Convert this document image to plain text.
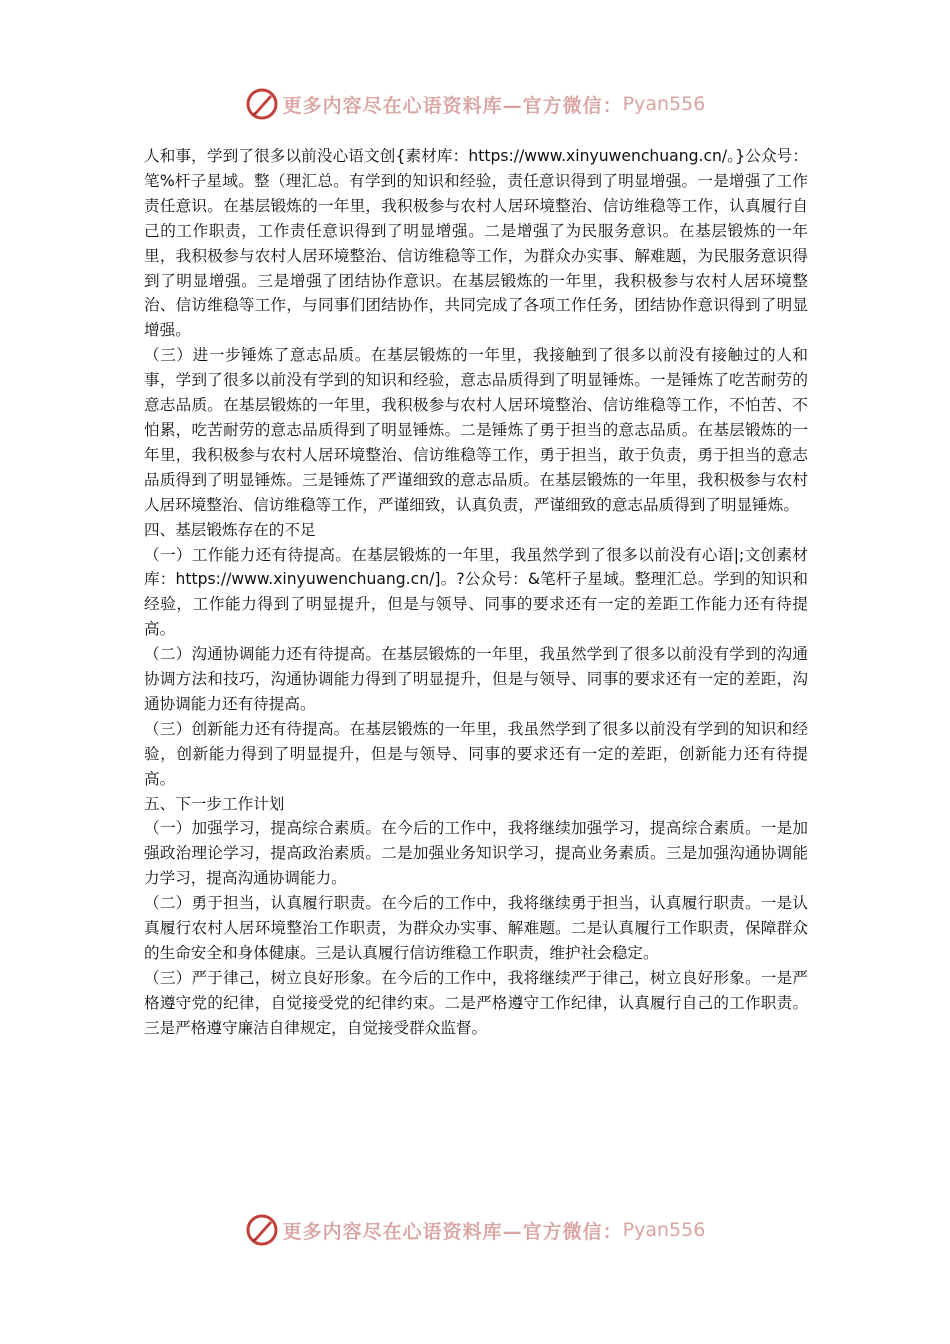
更多内容尽在心语资料库—官方微信： Pyan556

人和事，学到了很多以前没心语文创{素材库：https://www.xinyuwenchuang.cn/。}公众号：笔%杆子星域。整（理汇总。有学到的知识和经验，责任意识得到了明显增强。一是增强了工作责任意识。在基层锻炼的一年里，我积极参与农村人居环境整治、信访维稳等工作，认真履行自己的工作职责，工作责任意识得到了明显增强。二是增强了为民服务意识。在基层锻炼的一年里，我积极参与农村人居环境整治、信访维稳等工作，为群众办实事、解难题，为民服务意识得到了明显增强。三是增强了团结协作意识。在基层锻炼的一年里，我积极参与农村人居环境整治、信访维稳等工作，与同事们团结协作，共同完成了各项工作任务，团结协作意识得到了明显增强。

（三）进一步锤炼了意志品质。在基层锻炼的一年里，我接触到了很多以前没有接触过的人和事，学到了很多以前没有学到的知识和经验，意志品质得到了明显锤炼。一是锤炼了吃苦耐劳的意志品质。在基层锻炼的一年里，我积极参与农村人居环境整治、信访维稳等工作，不怕苦、不怕累，吃苦耐劳的意志品质得到了明显锤炼。二是锤炼了勇于担当的意志品质。在基层锻炼的一年里，我积极参与农村人居环境整治、信访维稳等工作，勇于担当，敢于负责，勇于担当的意志品质得到了明显锤炼。三是锤炼了严谨细致的意志品质。在基层锻炼的一年里，我积极参与农村人居环境整治、信访维稳等工作，严谨细致，认真负责，严谨细致的意志品质得到了明显锤炼。

四、基层锻炼存在的不足

（一）工作能力还有待提高。在基层锻炼的一年里，我虽然学到了很多以前没有心语|;文创素材库：https://www.xinyuwenchuang.cn/]。?公众号：&笔杆子星域。整理汇总。学到的知识和经验，工作能力得到了明显提升，但是与领导、同事的要求还有一定的差距工作能力还有待提高。

（二）沟通协调能力还有待提高。在基层锻炼的一年里，我虽然学到了很多以前没有学到的沟通协调方法和技巧，沟通协调能力得到了明显提升，但是与领导、同事的要求还有一定的差距，沟通协调能力还有待提高。

（三）创新能力还有待提高。在基层锻炼的一年里，我虽然学到了很多以前没有学到的知识和经验，创新能力得到了明显提升，但是与领导、同事的要求还有一定的差距，创新能力还有待提高。

五、下一步工作计划

（一）加强学习，提高综合素质。在今后的工作中，我将继续加强学习，提高综合素质。一是加强政治理论学习，提高政治素质。二是加强业务知识学习，提高业务素质。三是加强沟通协调能力学习，提高沟通协调能力。

（二）勇于担当，认真履行职责。在今后的工作中，我将继续勇于担当，认真履行职责。一是认真履行农村人居环境整治工作职责，为群众办实事、解难题。二是认真履行工作职责，保障群众的生命安全和身体健康。三是认真履行信访维稳工作职责，维护社会稳定。

（三）严于律己，树立良好形象。在今后的工作中，我将继续严于律己，树立良好形象。一是严格遵守党的纪律，自觉接受党的纪律约束。二是严格遵守工作纪律，认真履行自己的工作职责。三是严格遵守廉洁自律规定，自觉接受群众监督。

更多内容尽在心语资料库—官方微信： Pyan556
